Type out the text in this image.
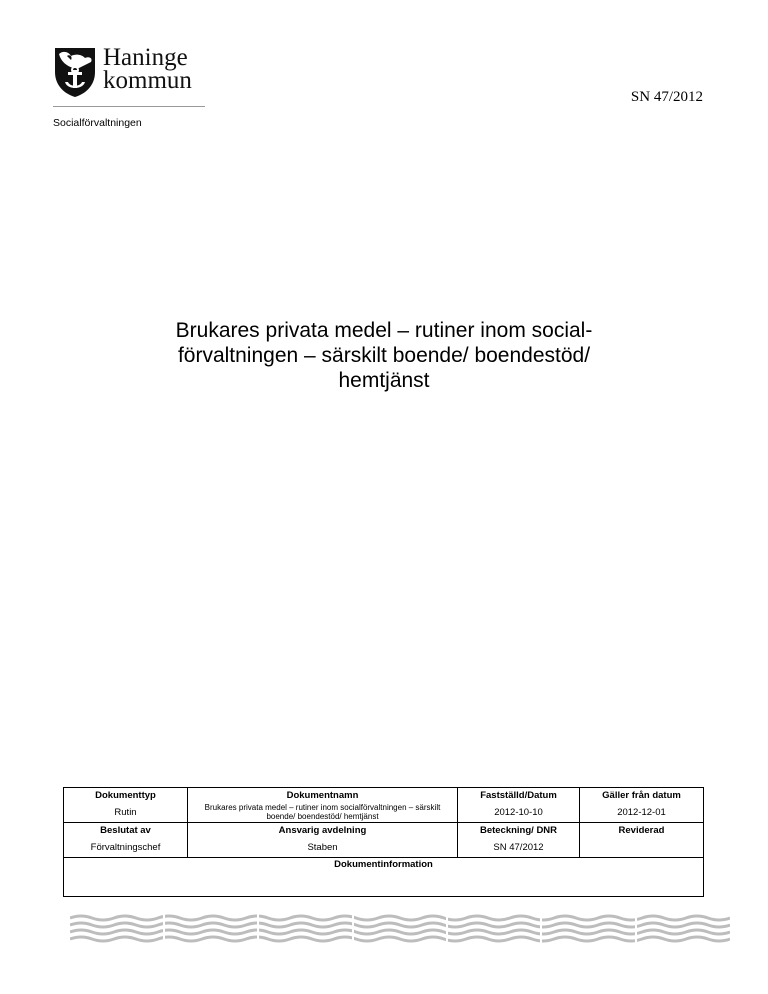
Haninge
kommun
Socialförvaltningen
SN 47/2012
Brukares privata medel – rutiner inom social-
förvaltningen – särskilt boende/ boendestöd/
hemtjänst
Dokumenttyp	Dokumentnamn	Fastställd/Datum	Gäller från datum
Rutin	Brukares privata medel – rutiner inom socialförvaltningen – särskilt boende/ boendestöd/ hemtjänst	2012-10-10	2012-12-01
Beslutat av	Ansvarig avdelning	Beteckning/ DNR	Reviderad
Förvaltningschef	Staben	SN 47/2012	
Dokumentinformation			
